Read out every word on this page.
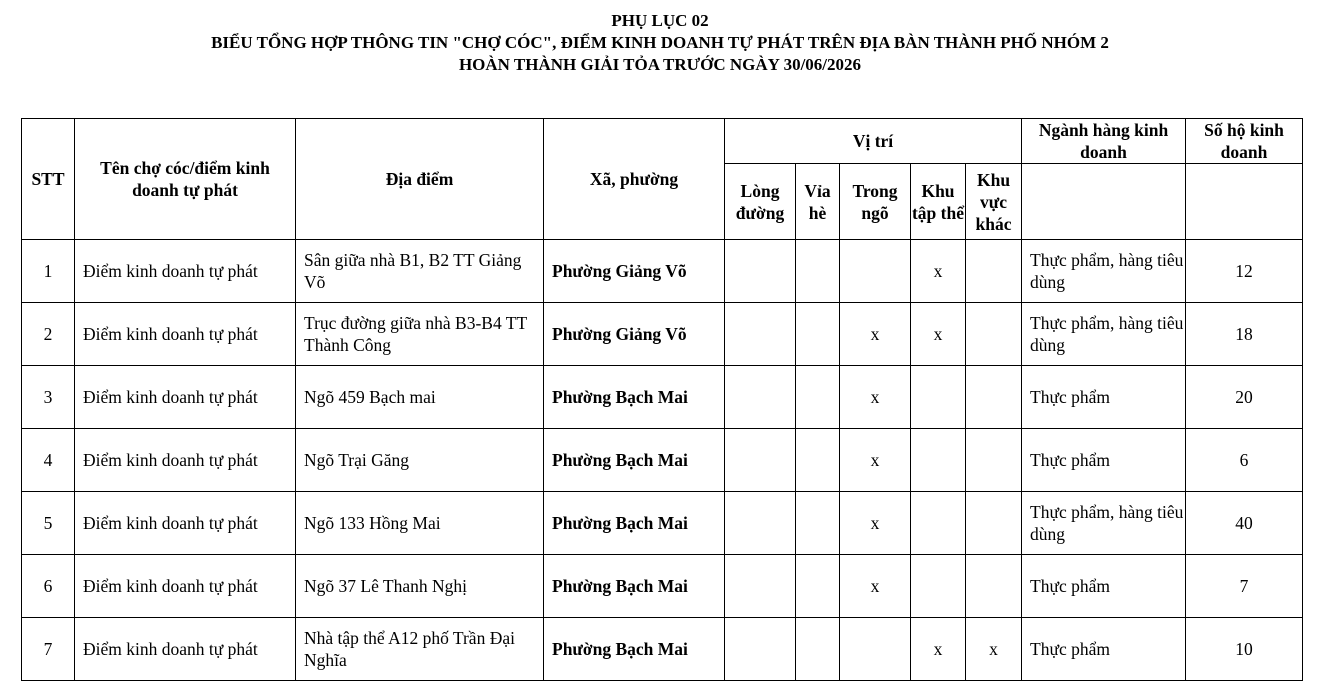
PHỤ LỤC 02
BIỂU TỔNG HỢP THÔNG TIN "CHỢ CÓC", ĐIỂM KINH DOANH TỰ PHÁT TRÊN ĐỊA BÀN THÀNH PHỐ NHÓM 2
HOÀN THÀNH GIẢI TỎA TRƯỚC NGÀY 30/06/2026
STT	Tên chợ cóc/điểm kinh doanh tự phát	Địa điểm	Xã, phường	Vị trí					Ngành hàng kinh doanh	Số hộ kinh doanh
				Lòng đường	Vỉa hè	Trong ngõ	Khu tập thể	Khu vực khác		
1	Điểm kinh doanh tự phát	Sân giữa nhà B1, B2 TT Giảng Võ	Phường Giảng Võ				x		Thực phẩm, hàng tiêu dùng	12
2	Điểm kinh doanh tự phát	Trục đường giữa nhà B3-B4 TT Thành Công	Phường Giảng Võ			x	x		Thực phẩm, hàng tiêu dùng	18
3	Điểm kinh doanh tự phát	Ngõ 459 Bạch mai	Phường Bạch Mai			x			Thực phẩm	20
4	Điểm kinh doanh tự phát	Ngõ Trại Găng	Phường Bạch Mai			x			Thực phẩm	6
5	Điểm kinh doanh tự phát	Ngõ 133 Hồng Mai	Phường Bạch Mai			x			Thực phẩm, hàng tiêu dùng	40
6	Điểm kinh doanh tự phát	Ngõ 37 Lê Thanh Nghị	Phường Bạch Mai			x			Thực phẩm	7
7	Điểm kinh doanh tự phát	Nhà tập thể A12 phố Trần Đại Nghĩa	Phường Bạch Mai				x	x	Thực phẩm	10
